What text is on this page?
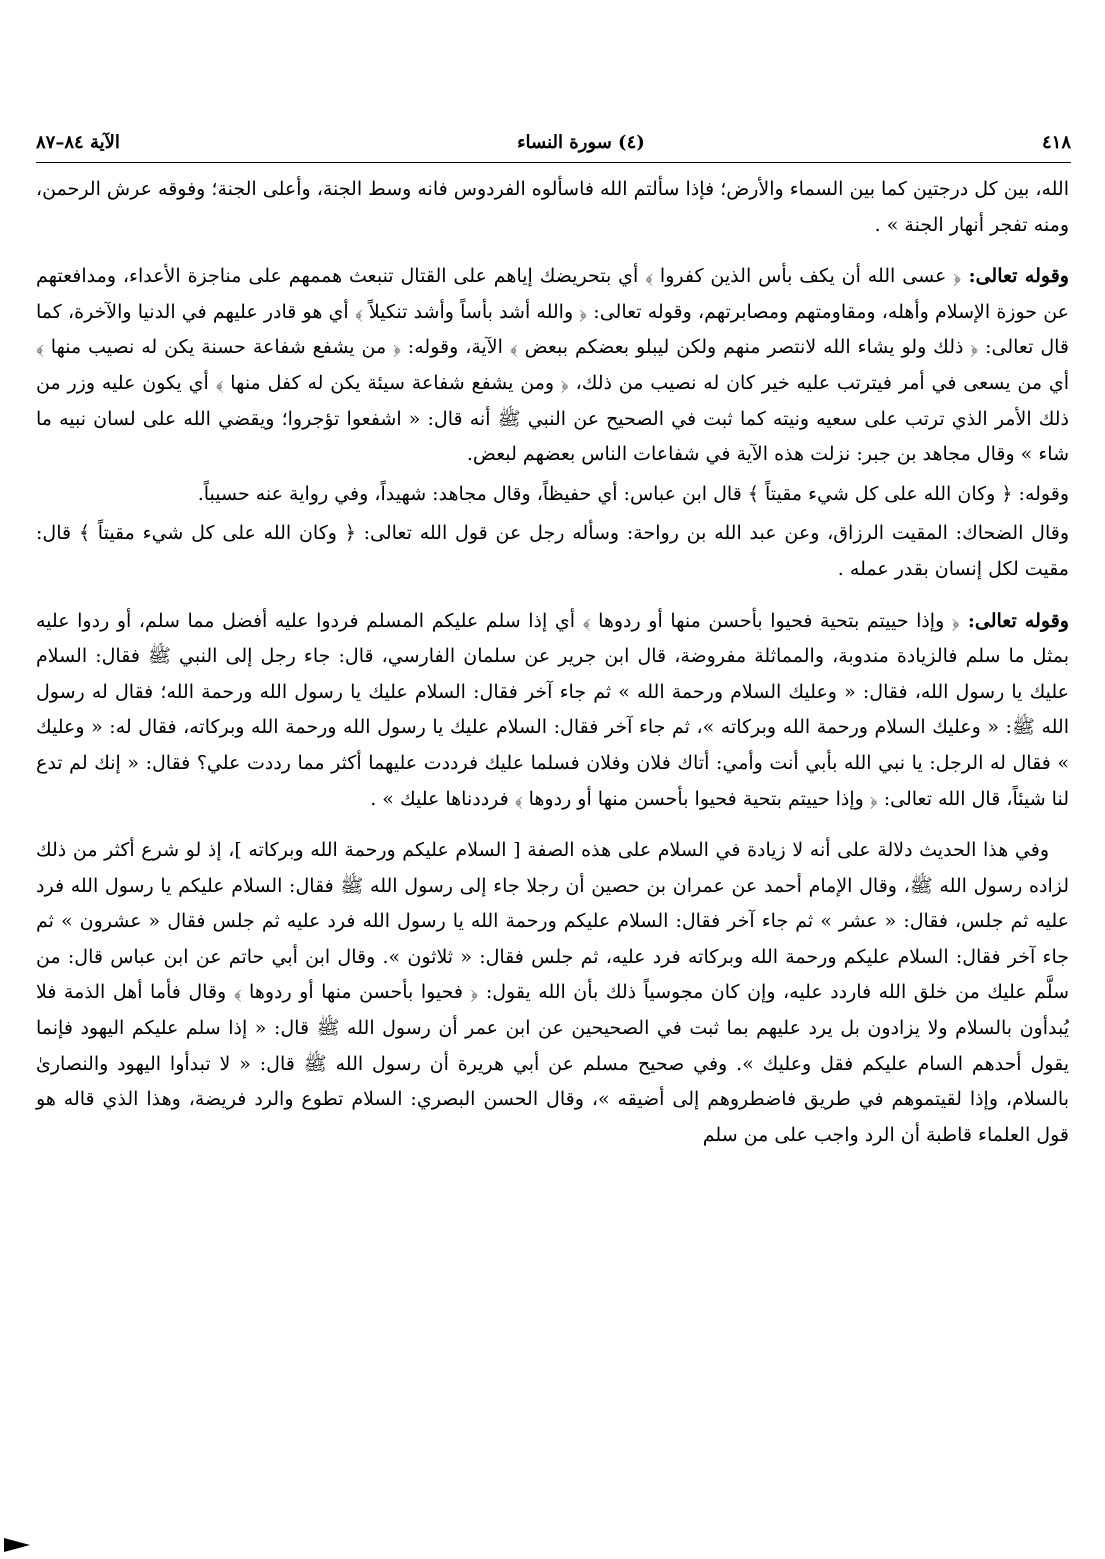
٤١٨
(٤) سورة النساء
الآية ٨٤–٨٧

الله، بين كل درجتين كما بين السماء والأرض؛ فإذا سألتم الله فاسألوه الفردوس فانه وسط الجنة، وأعلى الجنة؛ وفوقه عرش الرحمن، ومنه تفجر أنهار الجنة » .

وقوله تعالى: ﴿ عسى الله أن يكف بأس الذين كفروا ﴾ أي بتحريضك إياهم على القتال تنبعث هممهم على مناجزة الأعداء، ومدافعتهم عن حوزة الإسلام وأهله، ومقاومتهم ومصابرتهم، وقوله تعالى: ﴿ والله أشد بأساً وأشد تنكيلاً ﴾ أي هو قادر عليهم في الدنيا والآخرة، كما قال تعالى: ﴿ ذلك ولو يشاء الله لانتصر منهم ولكن ليبلو بعضكم ببعض ﴾ الآية، وقوله: ﴿ من يشفع شفاعة حسنة يكن له نصيب منها ﴾ أي من يسعى في أمر فيترتب عليه خير كان له نصيب من ذلك، ﴿ ومن يشفع شفاعة سيئة يكن له كفل منها ﴾ أي يكون عليه وزر من ذلك الأمر الذي ترتب على سعيه ونيته كما ثبت في الصحيح عن النبي ﷺ أنه قال: « اشفعوا تؤجروا؛ ويقضي الله على لسان نبيه ما شاء » وقال مجاهد بن جبر: نزلت هذه الآية في شفاعات الناس بعضهم لبعض.

وقوله: ﴿ وكان الله على كل شيء مقيتاً ﴾ قال ابن عباس: أي حفيظاً، وقال مجاهد: شهيداً، وفي رواية عنه حسيباً.

وقال الضحاك: المقيت الرزاق، وعن عبد الله بن رواحة: وسأله رجل عن قول الله تعالى: ﴿ وكان الله على كل شيء مقيتاً ﴾ قال: مقيت لكل إنسان بقدر عمله .

وقوله تعالى: ﴿ وإذا حييتم بتحية فحيوا بأحسن منها أو ردوها ﴾ أي إذا سلم عليكم المسلم فردوا عليه أفضل مما سلم، أو ردوا عليه بمثل ما سلم فالزيادة مندوبة، والمماثلة مفروضة، قال ابن جرير عن سلمان الفارسي، قال: جاء رجل إلى النبي ﷺ فقال: السلام عليك يا رسول الله، فقال: « وعليك السلام ورحمة الله » ثم جاء آخر فقال: السلام عليك يا رسول الله ورحمة الله؛ فقال له رسول الله ﷺ: « وعليك السلام ورحمة الله وبركاته »، ثم جاء آخر فقال: السلام عليك يا رسول الله ورحمة الله وبركاته، فقال له: « وعليك » فقال له الرجل: يا نبي الله بأبي أنت وأمي: أتاك فلان وفلان فسلما عليك فرددت عليهما أكثر مما رددت علي؟ فقال: « إنك لم تدع لنا شيئاً، قال الله تعالى: ﴿ وإذا حييتم بتحية فحيوا بأحسن منها أو ردوها ﴾ فرددناها عليك » .

وفي هذا الحديث دلالة على أنه لا زيادة في السلام على هذه الصفة [ السلام عليكم ورحمة الله وبركاته ]، إذ لو شرع أكثر من ذلك لزاده رسول الله ﷺ، وقال الإمام أحمد عن عمران بن حصين أن رجلا جاء إلى رسول الله ﷺ فقال: السلام عليكم يا رسول الله فرد عليه ثم جلس، فقال: « عشر » ثم جاء آخر فقال: السلام عليكم ورحمة الله يا رسول الله فرد عليه ثم جلس فقال « عشرون » ثم جاء آخر فقال: السلام عليكم ورحمة الله وبركاته فرد عليه، ثم جلس فقال: « ثلاثون ». وقال ابن أبي حاتم عن ابن عباس قال: من سلَّم عليك من خلق الله فاردد عليه، وإن كان مجوسياً ذلك بأن الله يقول: ﴿ فحيوا بأحسن منها أو ردوها ﴾ وقال فأما أهل الذمة فلا يُبدأون بالسلام ولا يزادون بل يرد عليهم بما ثبت في الصحيحين عن ابن عمر أن رسول الله ﷺ قال: « إذا سلم عليكم اليهود فإنما يقول أحدهم السام عليكم فقل وعليك ». وفي صحيح مسلم عن أبي هريرة أن رسول الله ﷺ قال: « لا تبدأوا اليهود والنصارىٰ بالسلام، وإذا لقيتموهم في طريق فاضطروهم إلى أضيقه »، وقال الحسن البصري: السلام تطوع والرد فريضة، وهذا الذي قاله هو قول العلماء قاطبة أن الرد واجب على من سلم
